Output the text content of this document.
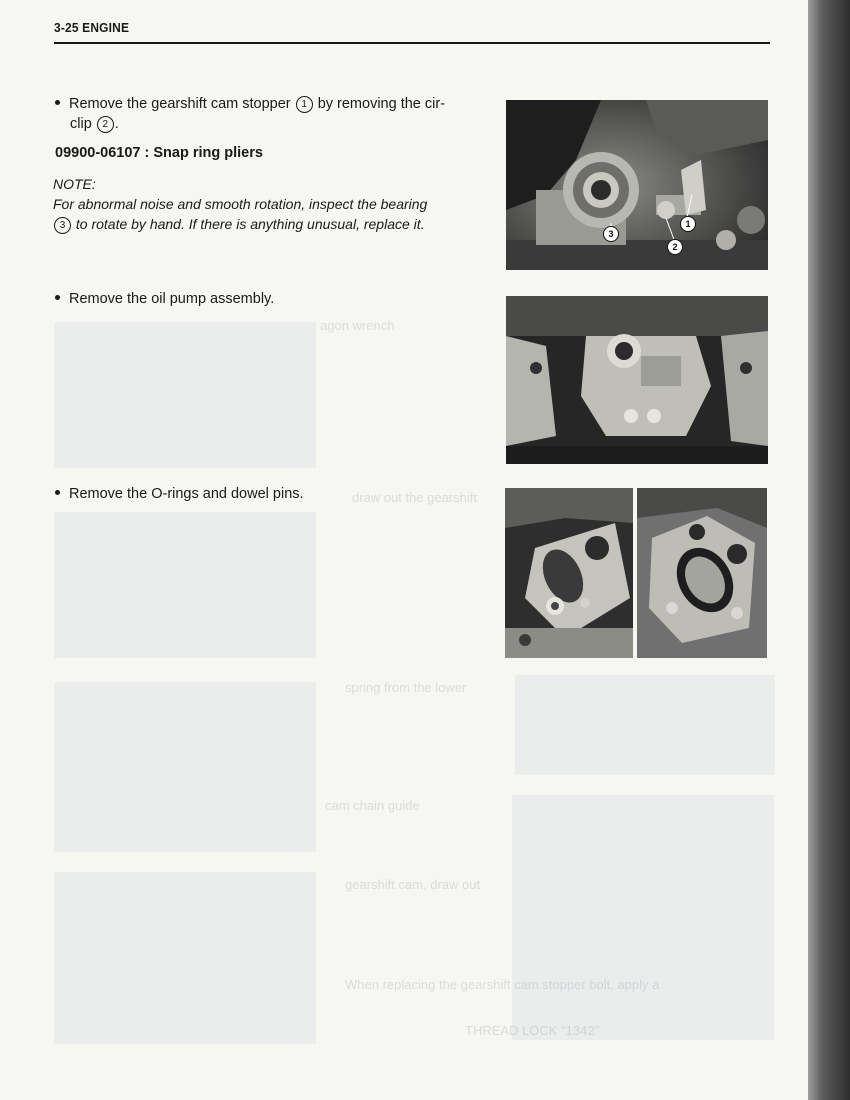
agon wrench
draw out the gearshift
spring from the lower
cam chain guide
gearshift cam, draw out
When replacing the gearshift cam stopper bolt, apply a
THREAD LOCK "1342"
3-25 ENGINE
Remove the gearshift cam stopper 1 by removing the cir-
clip 2 .
09900-06107 : Snap ring pliers
NOTE:
For abnormal noise and smooth rotation, inspect the bearing
3 to rotate by hand. If there is anything unusual, replace it.
Remove the oil pump assembly.
Remove the O-rings and dowel pins.
1
2
3
